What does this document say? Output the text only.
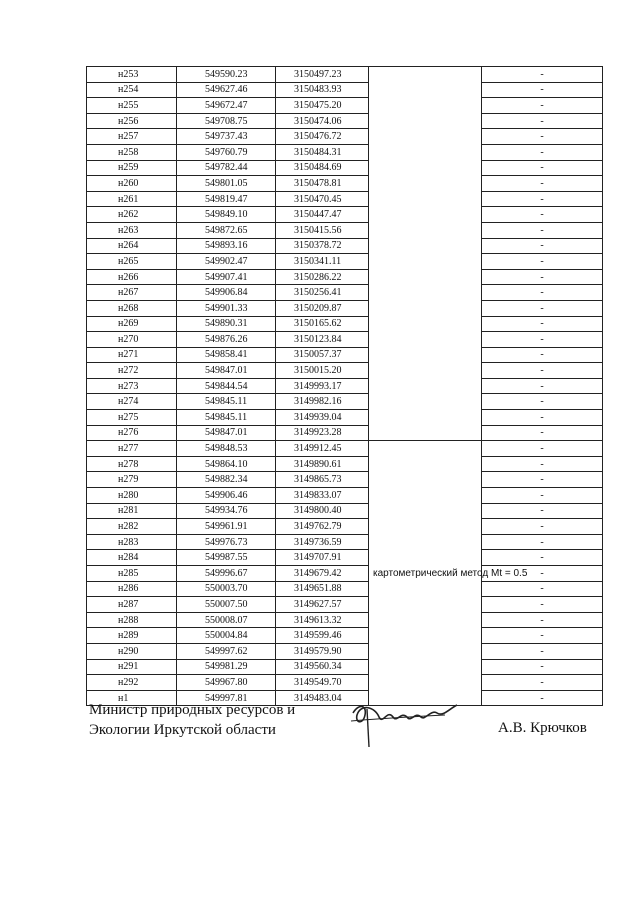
н253	549590.23	3150497.23		-
н254	549627.46	3150483.93		-
н255	549672.47	3150475.20		-
н256	549708.75	3150474.06		-
н257	549737.43	3150476.72		-
н258	549760.79	3150484.31		-
н259	549782.44	3150484.69		-
н260	549801.05	3150478.81		-
н261	549819.47	3150470.45		-
н262	549849.10	3150447.47		-
н263	549872.65	3150415.56		-
н264	549893.16	3150378.72		-
н265	549902.47	3150341.11		-
н266	549907.41	3150286.22		-
н267	549906.84	3150256.41		-
н268	549901.33	3150209.87		-
н269	549890.31	3150165.62		-
н270	549876.26	3150123.84		-
н271	549858.41	3150057.37		-
н272	549847.01	3150015.20		-
н273	549844.54	3149993.17		-
н274	549845.11	3149982.16		-
н275	549845.11	3149939.04		-
н276	549847.01	3149923.28		-
н277	549848.53	3149912.45	картометрический метод Mt = 0.5	-
н278	549864.10	3149890.61		-
н279	549882.34	3149865.73		-
н280	549906.46	3149833.07		-
н281	549934.76	3149800.40		-
н282	549961.91	3149762.79		-
н283	549976.73	3149736.59		-
н284	549987.55	3149707.91		-
н285	549996.67	3149679.42		-
н286	550003.70	3149651.88		-
н287	550007.50	3149627.57		-
н288	550008.07	3149613.32		-
н289	550004.84	3149599.46		-
н290	549997.62	3149579.90		-
н291	549981.29	3149560.34		-
н292	549967.80	3149549.70		-
н1	549997.81	3149483.04		-
Министр природных ресурсов и
Экологии Иркутской области	А.В. Крючков
